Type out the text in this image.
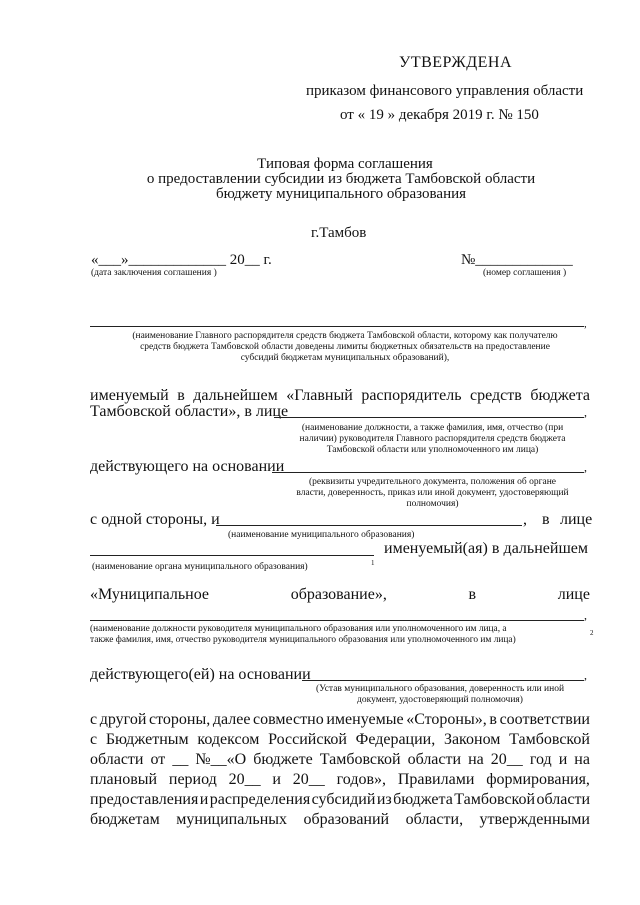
УТВЕРЖДЕНА
приказом финансового управления области
от « 19 » декабря 2019 г. № 150
Типовая форма соглашения
о предоставлении субсидии из бюджета Тамбовской области
бюджету муниципального образования
г.Тамбов
«___»_____________ 20__ г.
(дата заключения соглашения )
№_____________
(номер соглашения )
,
(наименование Главного распорядителя средств бюджета Тамбовской области, которому как получателю
средств бюджета Тамбовской области доведены лимиты бюджетных обязательств на предоставление
субсидий бюджетам муниципальных образований),
именуемый в дальнейшем «Главный распорядитель средств бюджета
Тамбовской области», в лице	,
(наименование должности, а также фамилия, имя, отчество (при
наличии) руководителя Главного распорядителя средств бюджета
Тамбовской области или уполномоченного им лица)
действующего на основании	,
(реквизиты учредительного документа, положения об органе
власти, доверенность, приказ или иной документ, удостоверяющий
полномочия)
с одной стороны, и	, в лице
(наименование муниципального образования)
именуемый(ая) в дальнейшем
(наименование органа муниципального образования)	1
«Муниципальное	образование»,	в	лице
,
(наименование должности руководителя муниципального образования или уполномоченного им лица, а
также фамилия, имя, отчество руководителя муниципального образования или уполномоченного им лица)
2
действующего(ей) на основании	,
(Устав муниципального образования, доверенность или иной
документ, удостоверяющий полномочия)
с другой стороны, далее совместно именуемые «Стороны», в соответствии
с Бюджетным кодексом Российской Федерации, Законом Тамбовской
области от __ №__«О бюджете Тамбовской области на 20__ год и на
плановый период 20__ и 20__ годов», Правилами формирования,
предоставления и распределения субсидий из бюджета Тамбовской области
бюджетам муниципальных образований области, утвержденными
